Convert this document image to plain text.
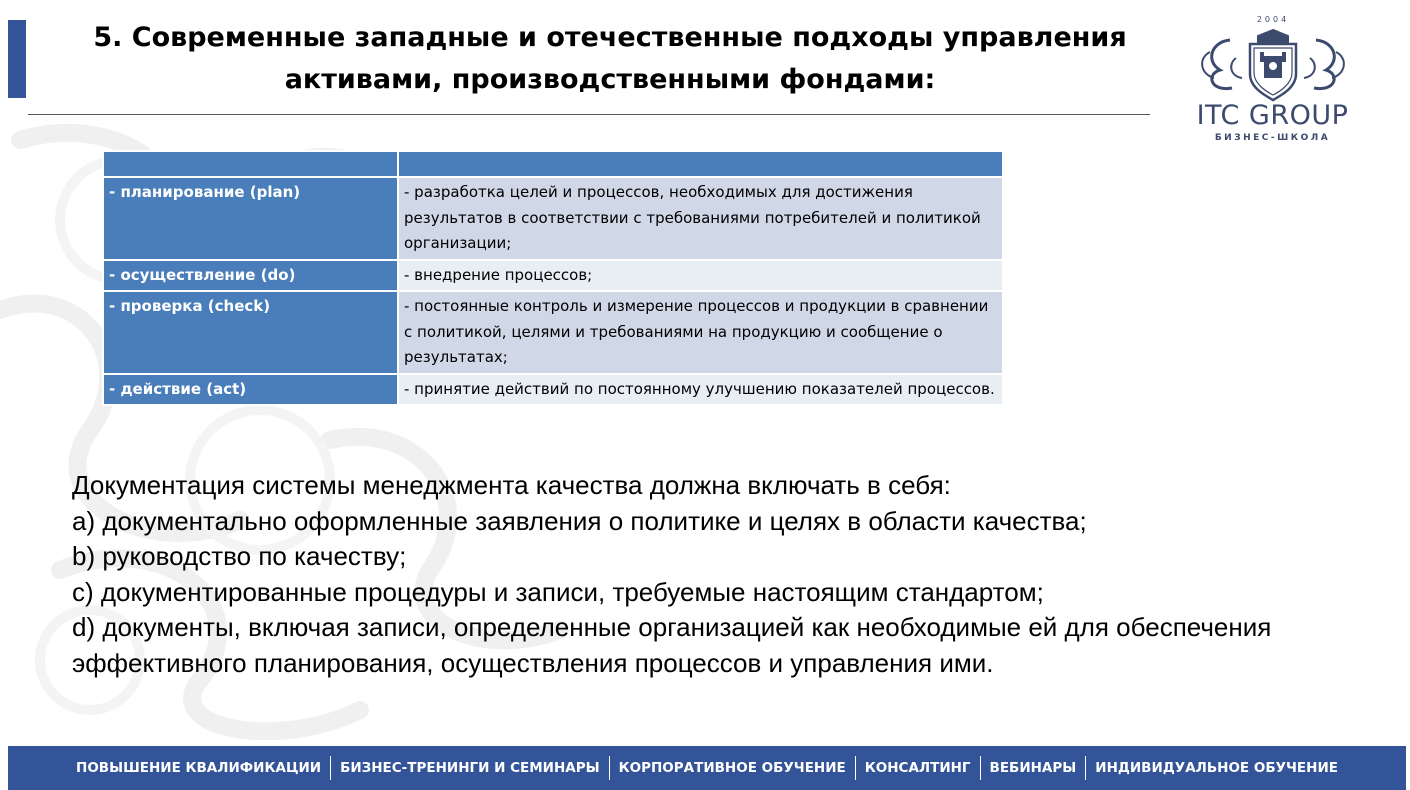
5. Современные западные и отечественные подходы управления
активами, производственными фондами:
2004
ITC GROUP
БИЗНЕС-ШКОЛА

- планирование (plan)	- разработка целей и процессов, необходимых для достижения результатов в соответствии с требованиями потребителей и политикой организации;
- осуществление (do)	- внедрение процессов;
- проверка (check)	- постоянные контроль и измерение процессов и продукции в сравнении с политикой, целями и требованиями на продукцию и сообщение о результатах;
- действие (act)	- принятие действий по постоянному улучшению показателей процессов.

Документация системы менеджмента качества должна включать в себя:

a) документально оформленные заявления о политике и целях в области качества;

b) руководство по качеству;

c) документированные процедуры и записи, требуемые настоящим стандартом;

d) документы, включая записи, определенные организацией как необходимые ей для обеспечения эффективного планирования, осуществления процессов и управления ими.

ПОВЫШЕНИЕ КВАЛИФИКАЦИИ	БИЗНЕС-ТРЕНИНГИ И СЕМИНАРЫ	КОРПОРАТИВНОЕ ОБУЧЕНИЕ	КОНСАЛТИНГ	ВЕБИНАРЫ	ИНДИВИДУАЛЬНОЕ ОБУЧЕНИЕ
